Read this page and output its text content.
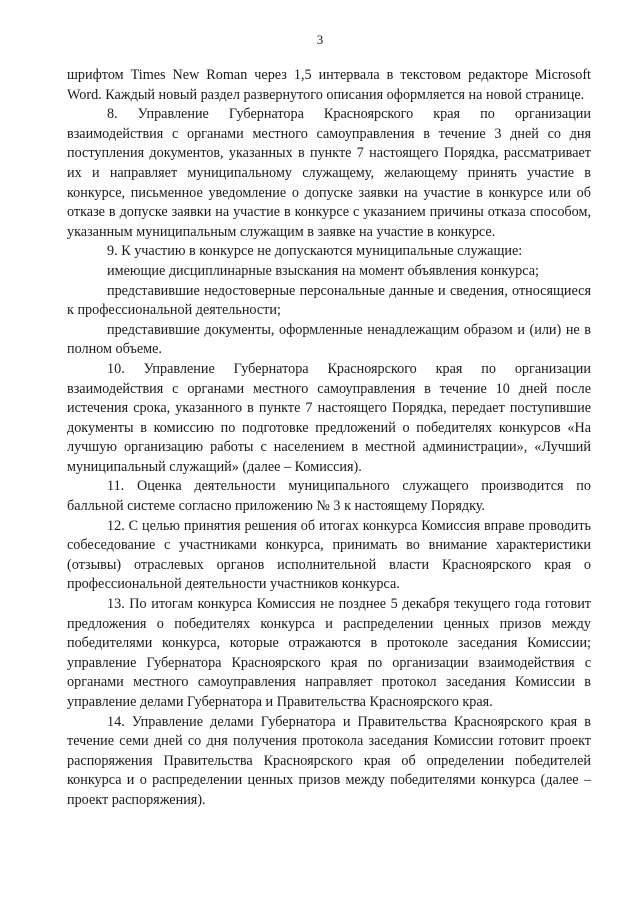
3

шрифтом Times New Roman через 1,5 интервала в текстовом редакторе Microsoft Word. Каждый новый раздел развернутого описания оформляется на новой странице.

8. Управление Губернатора Красноярского края по организации взаимодействия с органами местного самоуправления в течение 3 дней со дня поступления документов, указанных в пункте 7 настоящего Порядка, рассматривает их и направляет муниципальному служащему, желающему принять участие в конкурсе, письменное уведомление о допуске заявки на участие в конкурсе или об отказе в допуске заявки на участие в конкурсе с указанием причины отказа способом, указанным муниципальным служащим в заявке на участие в конкурсе.

9. К участию в конкурсе не допускаются муниципальные служащие:

имеющие дисциплинарные взыскания на момент объявления конкурса;

представившие недостоверные персональные данные и сведения, относящиеся к профессиональной деятельности;

представившие документы, оформленные ненадлежащим образом и (или) не в полном объеме.

10. Управление Губернатора Красноярского края по организации взаимодействия с органами местного самоуправления в течение 10 дней после истечения срока, указанного в пункте 7 настоящего Порядка, передает поступившие документы в комиссию по подготовке предложений о победителях конкурсов «На лучшую организацию работы с населением в местной администрации», «Лучший муниципальный служащий» (далее – Комиссия).

11. Оценка деятельности муниципального служащего производится по балльной системе согласно приложению № 3 к настоящему Порядку.

12. С целью принятия решения об итогах конкурса Комиссия вправе проводить собеседование с участниками конкурса, принимать во внимание характеристики (отзывы) отраслевых органов исполнительной власти Красноярского края о профессиональной деятельности участников конкурса.

13. По итогам конкурса Комиссия не позднее 5 декабря текущего года готовит предложения о победителях конкурса и распределении ценных призов между победителями конкурса, которые отражаются в протоколе заседания Комиссии; управление Губернатора Красноярского края по организации взаимодействия с органами местного самоуправления направляет протокол заседания Комиссии в управление делами Губернатора и Правительства Красноярского края.

14. Управление делами Губернатора и Правительства Красноярского края в течение семи дней со дня получения протокола заседания Комиссии готовит проект распоряжения Правительства Красноярского края об определении победителей конкурса и о распределении ценных призов между победителями конкурса (далее – проект распоряжения).
